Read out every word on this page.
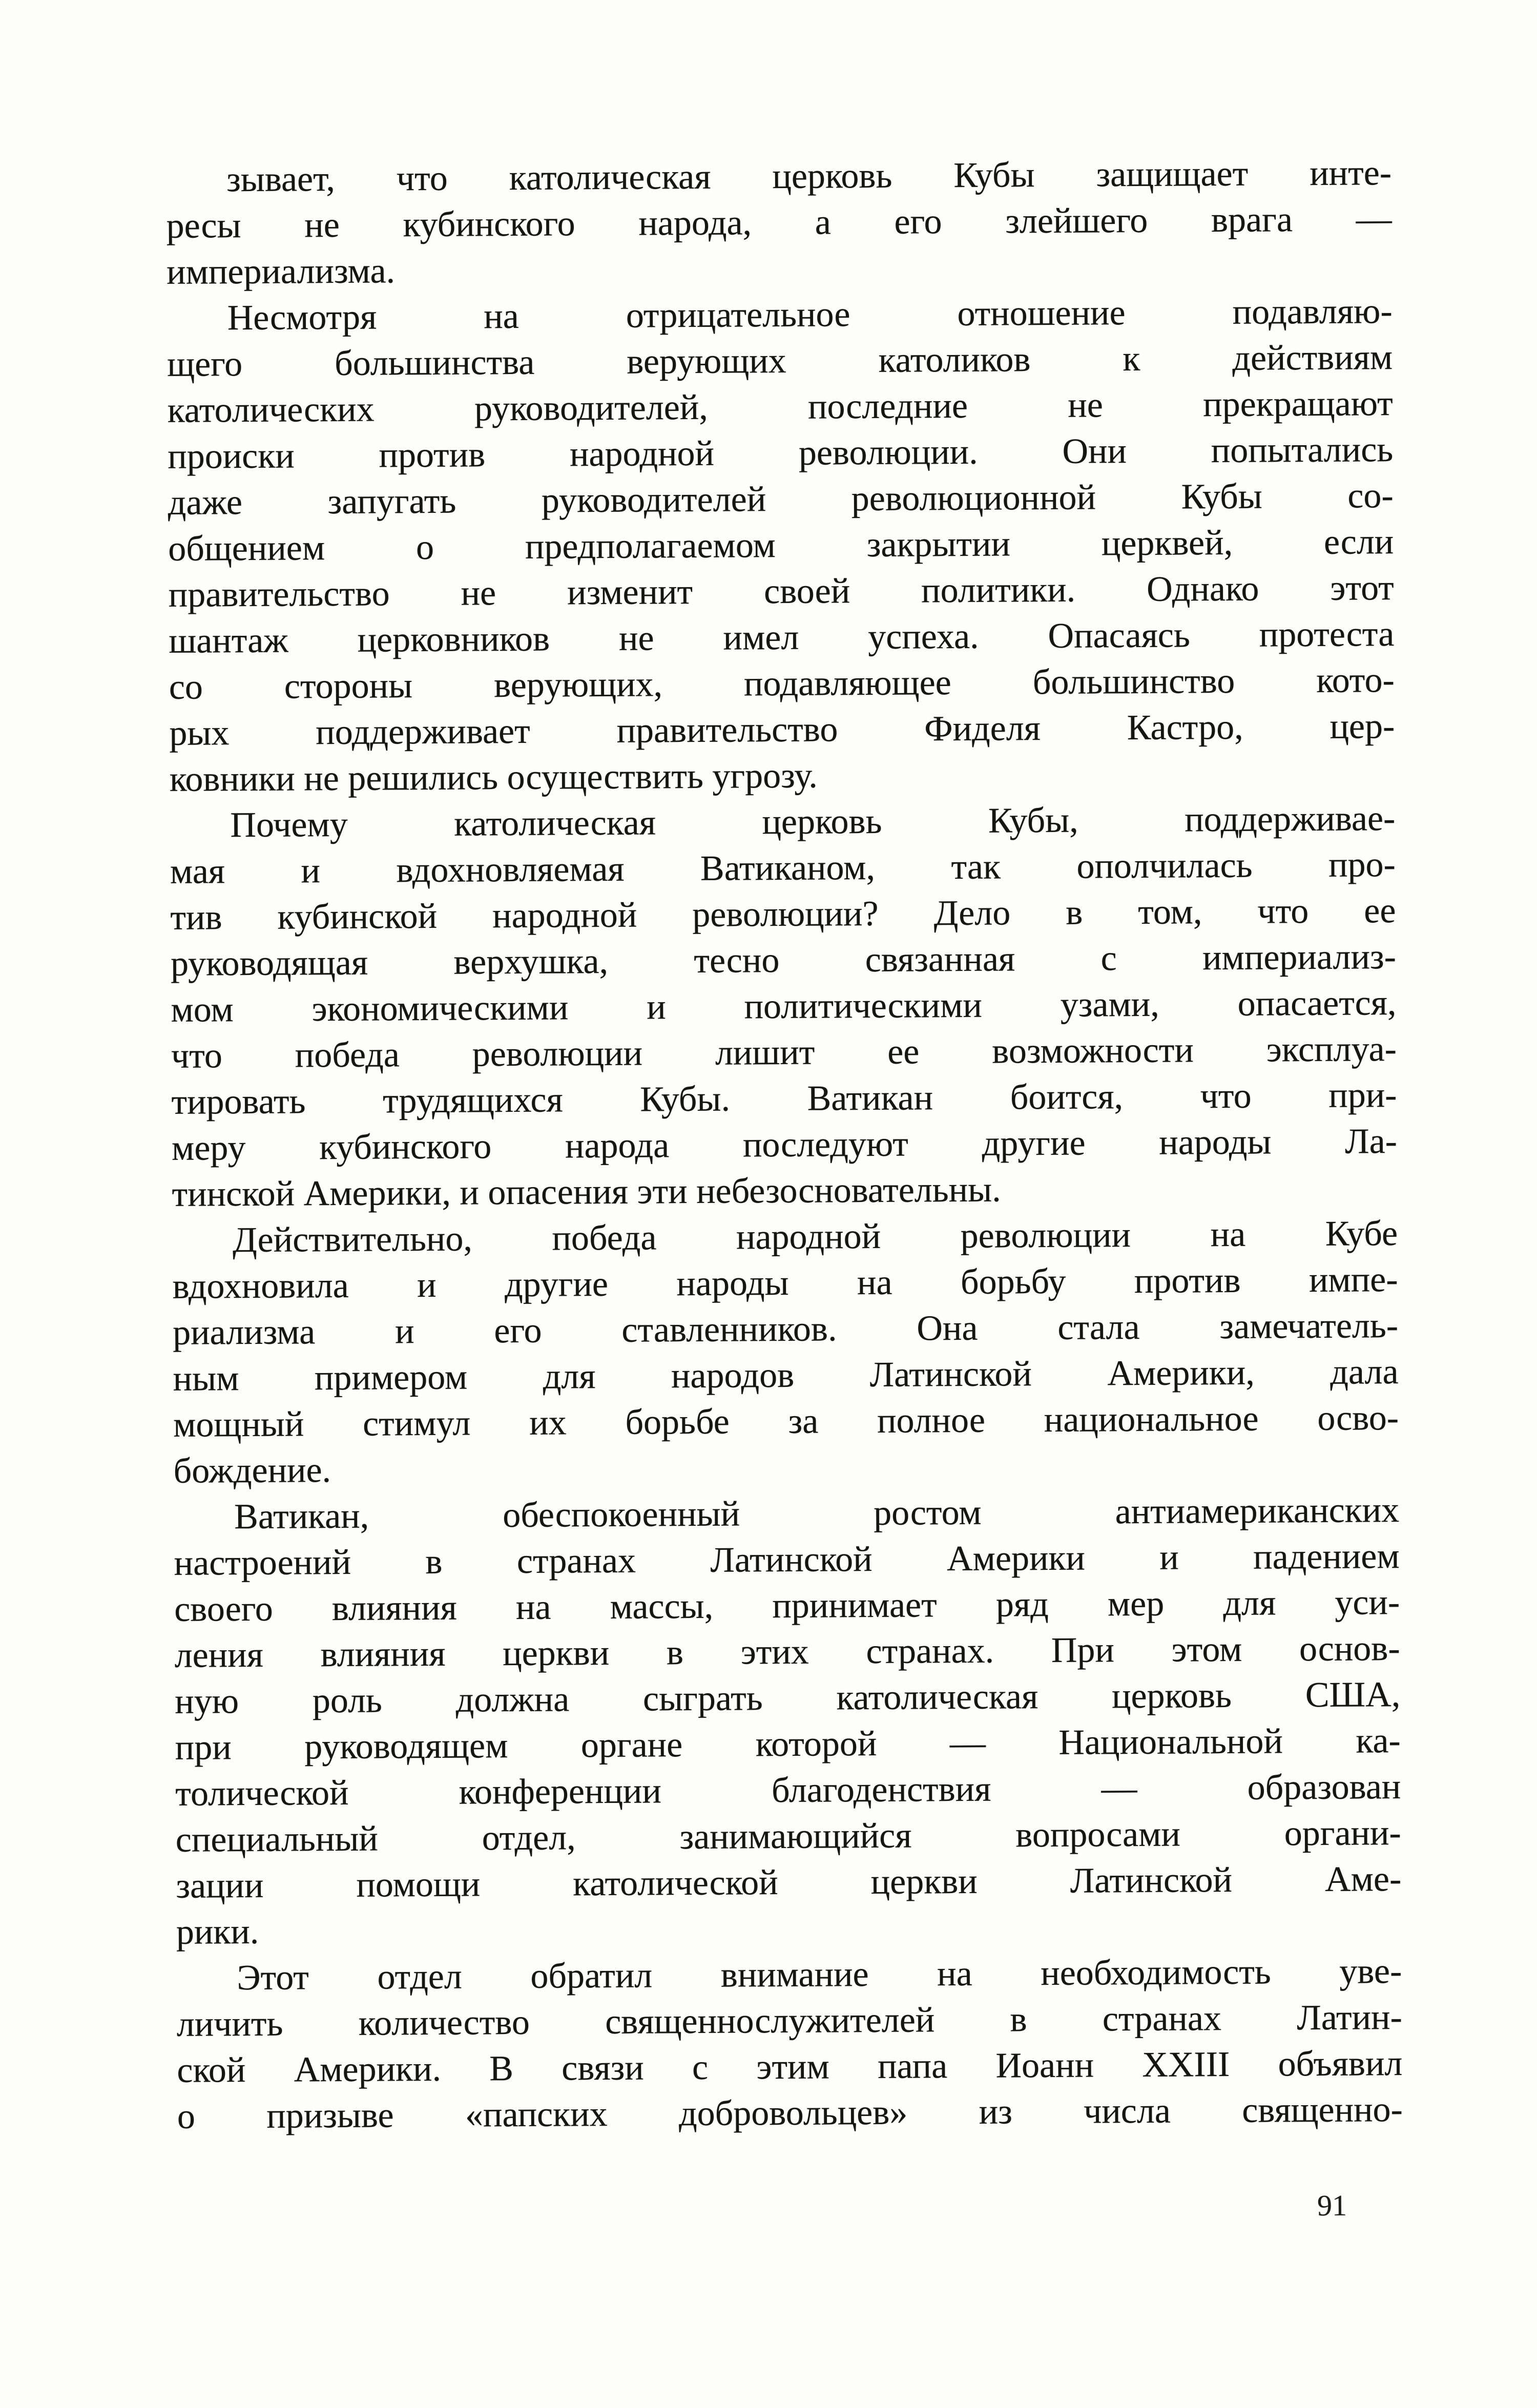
зывает, что католическая церковь Кубы защищает инте-
ресы не кубинского народа, а его злейшего врага —
империализма.

Несмотря на отрицательное отношение подавляю-
щего большинства верующих католиков к действиям
католических руководителей, последние не прекращают
происки против народной революции. Они попытались
даже запугать руководителей революционной Кубы со-
общением о предполагаемом закрытии церквей, если
правительство не изменит своей политики. Однако этот
шантаж церковников не имел успеха. Опасаясь протеста
со стороны верующих, подавляющее большинство кото-
рых поддерживает правительство Фиделя Кастро, цер-
ковники не решились осуществить угрозу.

Почему католическая церковь Кубы, поддерживае-
мая и вдохновляемая Ватиканом, так ополчилась про-
тив кубинской народной революции? Дело в том, что ее
руководящая верхушка, тесно связанная с империализ-
мом экономическими и политическими узами, опасается,
что победа революции лишит ее возможности эксплуа-
тировать трудящихся Кубы. Ватикан боится, что при-
меру кубинского народа последуют другие народы Ла-
тинской Америки, и опасения эти небезосновательны.

Действительно, победа народной революции на Кубе
вдохновила и другие народы на борьбу против импе-
риализма и его ставленников. Она стала замечатель-
ным примером для народов Латинской Америки, дала
мощный стимул их борьбе за полное национальное осво-
бождение.

Ватикан, обеспокоенный ростом антиамериканских
настроений в странах Латинской Америки и падением
своего влияния на массы, принимает ряд мер для уси-
ления влияния церкви в этих странах. При этом основ-
ную роль должна сыграть католическая церковь США,
при руководящем органе которой — Национальной ка-
толической конференции благоденствия — образован
специальный отдел, занимающийся вопросами органи-
зации помощи католической церкви Латинской Аме-
рики.

Этот отдел обратил внимание на необходимость уве-
личить количество священнослужителей в странах Латин-
ской Америки. В связи с этим папа Иоанн XXIII объявил
о призыве «папских добровольцев» из числа священно-

91
